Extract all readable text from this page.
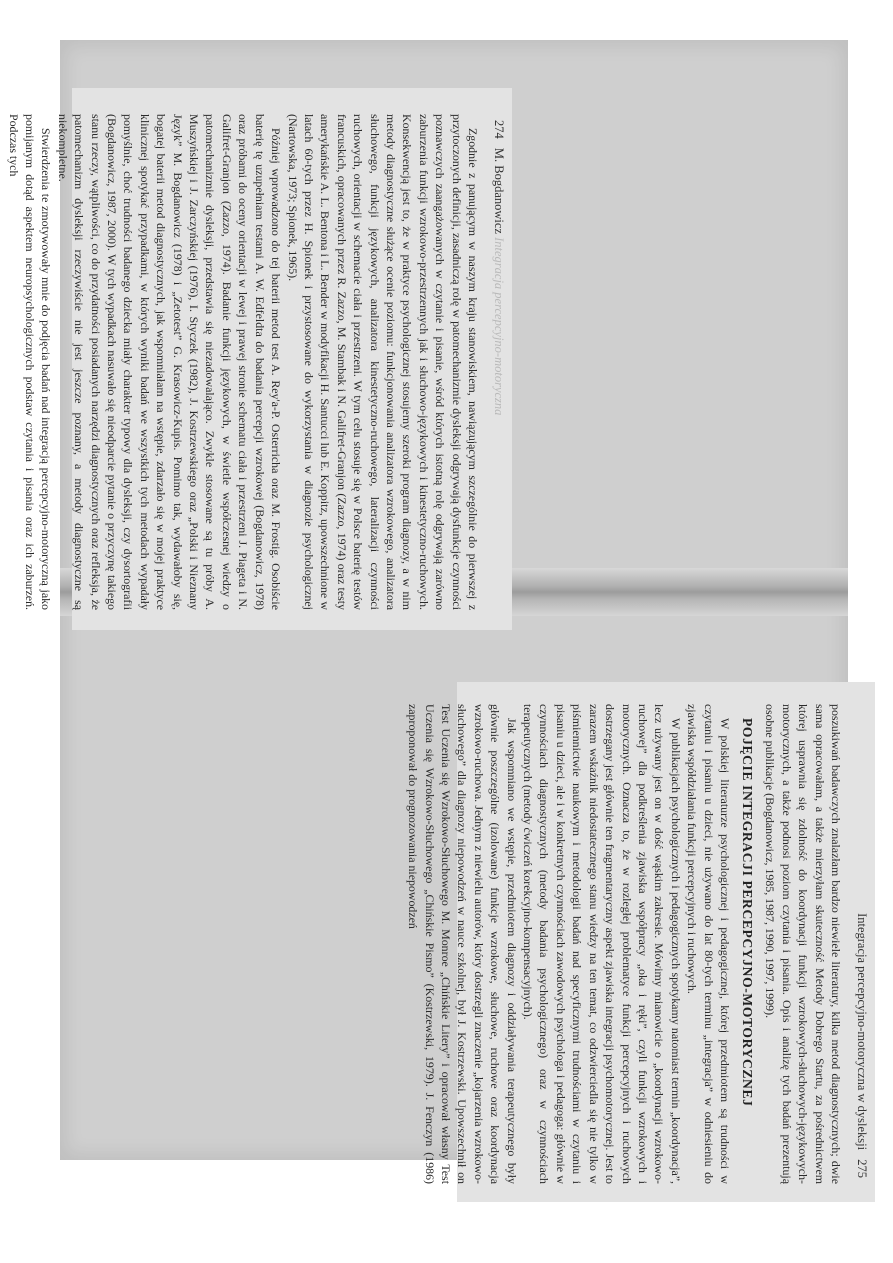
274 M. Bogdanowicz Integracja percepcyjno-motoryczna

Zgodnie z panującym w naszym kraju stanowiskiem, nawiązującym szczególnie do pierwszej z przytoczonych definicji, zasadniczą rolę w patomechanizmie dysleksji odgrywają dysfunkcje czynności poznawczych zaangażowanych w czytanie i pisanie, wśród których istotną rolę odgrywają zarówno zaburzenia funkcji wzrokowo-przestrzennych jak i słuchowo-językowych i kinestetyczno-ruchowych. Konsekwencją jest to, że w praktyce psychologicznej stosujemy szeroki program diagnozy, a w nim metody diagnostyczne służące ocenie poziomu: funkcjonowania analizatora wzrokowego, analizatora słuchowego, funkcji językowych, analizatora kinestetyczno-ruchowego, lateralizacji czynności ruchowych, orientacji w schemacie ciała i przestrzeni. W tym celu stosuje się w Polsce baterię testów francuskich, opracowanych przez R. Zazzo, M. Stambak i N. Galifret-Granjon (Zazzo, 1974) oraz testy amerykańskie A. L. Bentona i L. Bender w modyfikacji H. Santucci lub E. Koppitz, upowszechnione w latach 60-tych przez H. Spionek i przystosowane do wykorzystania w diagnozie psychologicznej (Nartowska, 1973; Spionek, 1965).

Później wprowadzono do tej baterii metod test A. Rey'a-P. Osterricha oraz M. Frostig. Osobiście baterię tę uzupełniam testami A. W. Edfeldta do badania percepcji wzrokowej (Bogdanowicz, 1978) oraz próbami do oceny orientacji w lewej i prawej stronie schematu ciała i przestrzeni J. Piageta i N. Galifret-Granjon (Zazzo, 1974). Badanie funkcji językowych, w świetle współczesnej wiedzy o patomechanizmie dysleksji, przedstawia się niezadowalająco. Zwykle stosowane są tu próby A. Muszyńskiej i J. Zarczyńskiej (1976), I. Styczek (1982), J. Kostrzewskiego oraz „Polski i Nieznany Język” M. Bogdanowicz (1978) i „Zetotest” G. Krasowicz-Kupis. Pomimo tak, wydawałoby się, bogatej baterii metod diagnostycznych, jak wspomniałam na wstępie, zdarzało się w mojej praktyce klinicznej spotykać przypadkami, w których wyniki badań we wszystkich tych metodach wypadały pomyślnie, choć trudności badanego dziecka miały charakter typowy dla dysleksji, czy dysortografii (Bogdanowicz, 1987, 2000). W tych wypadkach nasuwało się nieodparcie pytanie o przyczynę takiego stanu rzeczy, wątpliwości, co do przydatności posiadanych narzędzi diagnostycznych oraz refleksja, że patomechanizm dysleksji rzeczywiście nie jest jeszcze poznany, a metody diagnostyczne są niekompletne.

Stwierdzenia te zmotywowały mnie do podjęcia badań nad integracją percepcyjno-motoryczną jako pomijanym dotąd aspektem neuropsychologicznych podstaw czytania i pisania oraz ich zaburzeń. Podczas tych

Integracja percepcyjno-motoryczna w dysleksji 275

poszukiwań badawczych znalazłam bardzo niewiele literatury, kilka metod diagnostycznych; dwie sama opracowałam, a także mierzyłam skuteczność Metody Dobrego Startu, za pośrednictwem której usprawnia się zdolność do koordynacji funkcji wzrokowych-słuchowych-językowych-motorycznych, a także podnosi poziom czytania i pisania. Opis i analizę tych badań prezentują osobne publikacje (Bogdanowicz, 1985, 1987, 1990, 1997, 1999).

POJĘCIE INTEGRACJI PERCEPCYJNO-MOTORYCZNEJ

W polskiej literaturze psychologicznej i pedagogicznej, której przedmiotem są trudności w czytaniu i pisaniu u dzieci, nie używano do lat 80-tych terminu „integracja” w odniesieniu do zjawiska współdziałania funkcji percepcyjnych i ruchowych.

W publikacjach psychologicznych i pedagogicznych spotykamy natomiast termin „koordynacja”, lecz używany jest on w dość wąskim zakresie. Mówimy mianowicie o „koordynacji wzrokowo-ruchowej” dla podkreślenia zjawiska współpracy „oka i ręki”, czyli funkcji wzrokowych i motorycznych. Oznacza to, że w rozległej problematyce funkcji percepcyjnych i ruchowych dostrzegany jest głównie ten fragmentaryczny aspekt zjawiska integracji psychomotorycznej. Jest to zarazem wskaźnik niedostatecznego stanu wiedzy na ten temat, co odzwierciedla się nie tylko w piśmiennictwie naukowym i metodologii badań nad specyficznymi trudnościami w czytaniu i pisaniu u dzieci, ale i w konkretnych czynnościach zawodowych psychologa i pedagoga: głównie w czynnościach diagnostycznych (metody badania psychologicznego) oraz w czynnościach terapeutycznych (metody ćwiczeń korekcyjno-kompensacyjnych).

Jak wspomniano we wstępie, przedmiotem diagnozy i oddziaływania terapeutycznego były głównie poszczególne (izolowane) funkcje wzrokowe, słuchowe, ruchowe oraz koordynacja wzrokowo-ruchowa. Jednym z niewielu autorów, który dostrzegli znaczenie „kojarzenia wzrokowo-słuchowego” dla diagnozy niepowodzeń w nauce szkolnej, był J. Kostrzewski. Upowszechnił on Test Uczenia się Wzrokowo-Słuchowego M. Monroe „Chińskie Litery” i opracował własny Test Uczenia się Wzrokowo-Słuchowego „Chińskie Pismo” (Kostrzewski, 1979). J. Fenczyn (1986) zaproponował do prognozowania niepowodzeń
